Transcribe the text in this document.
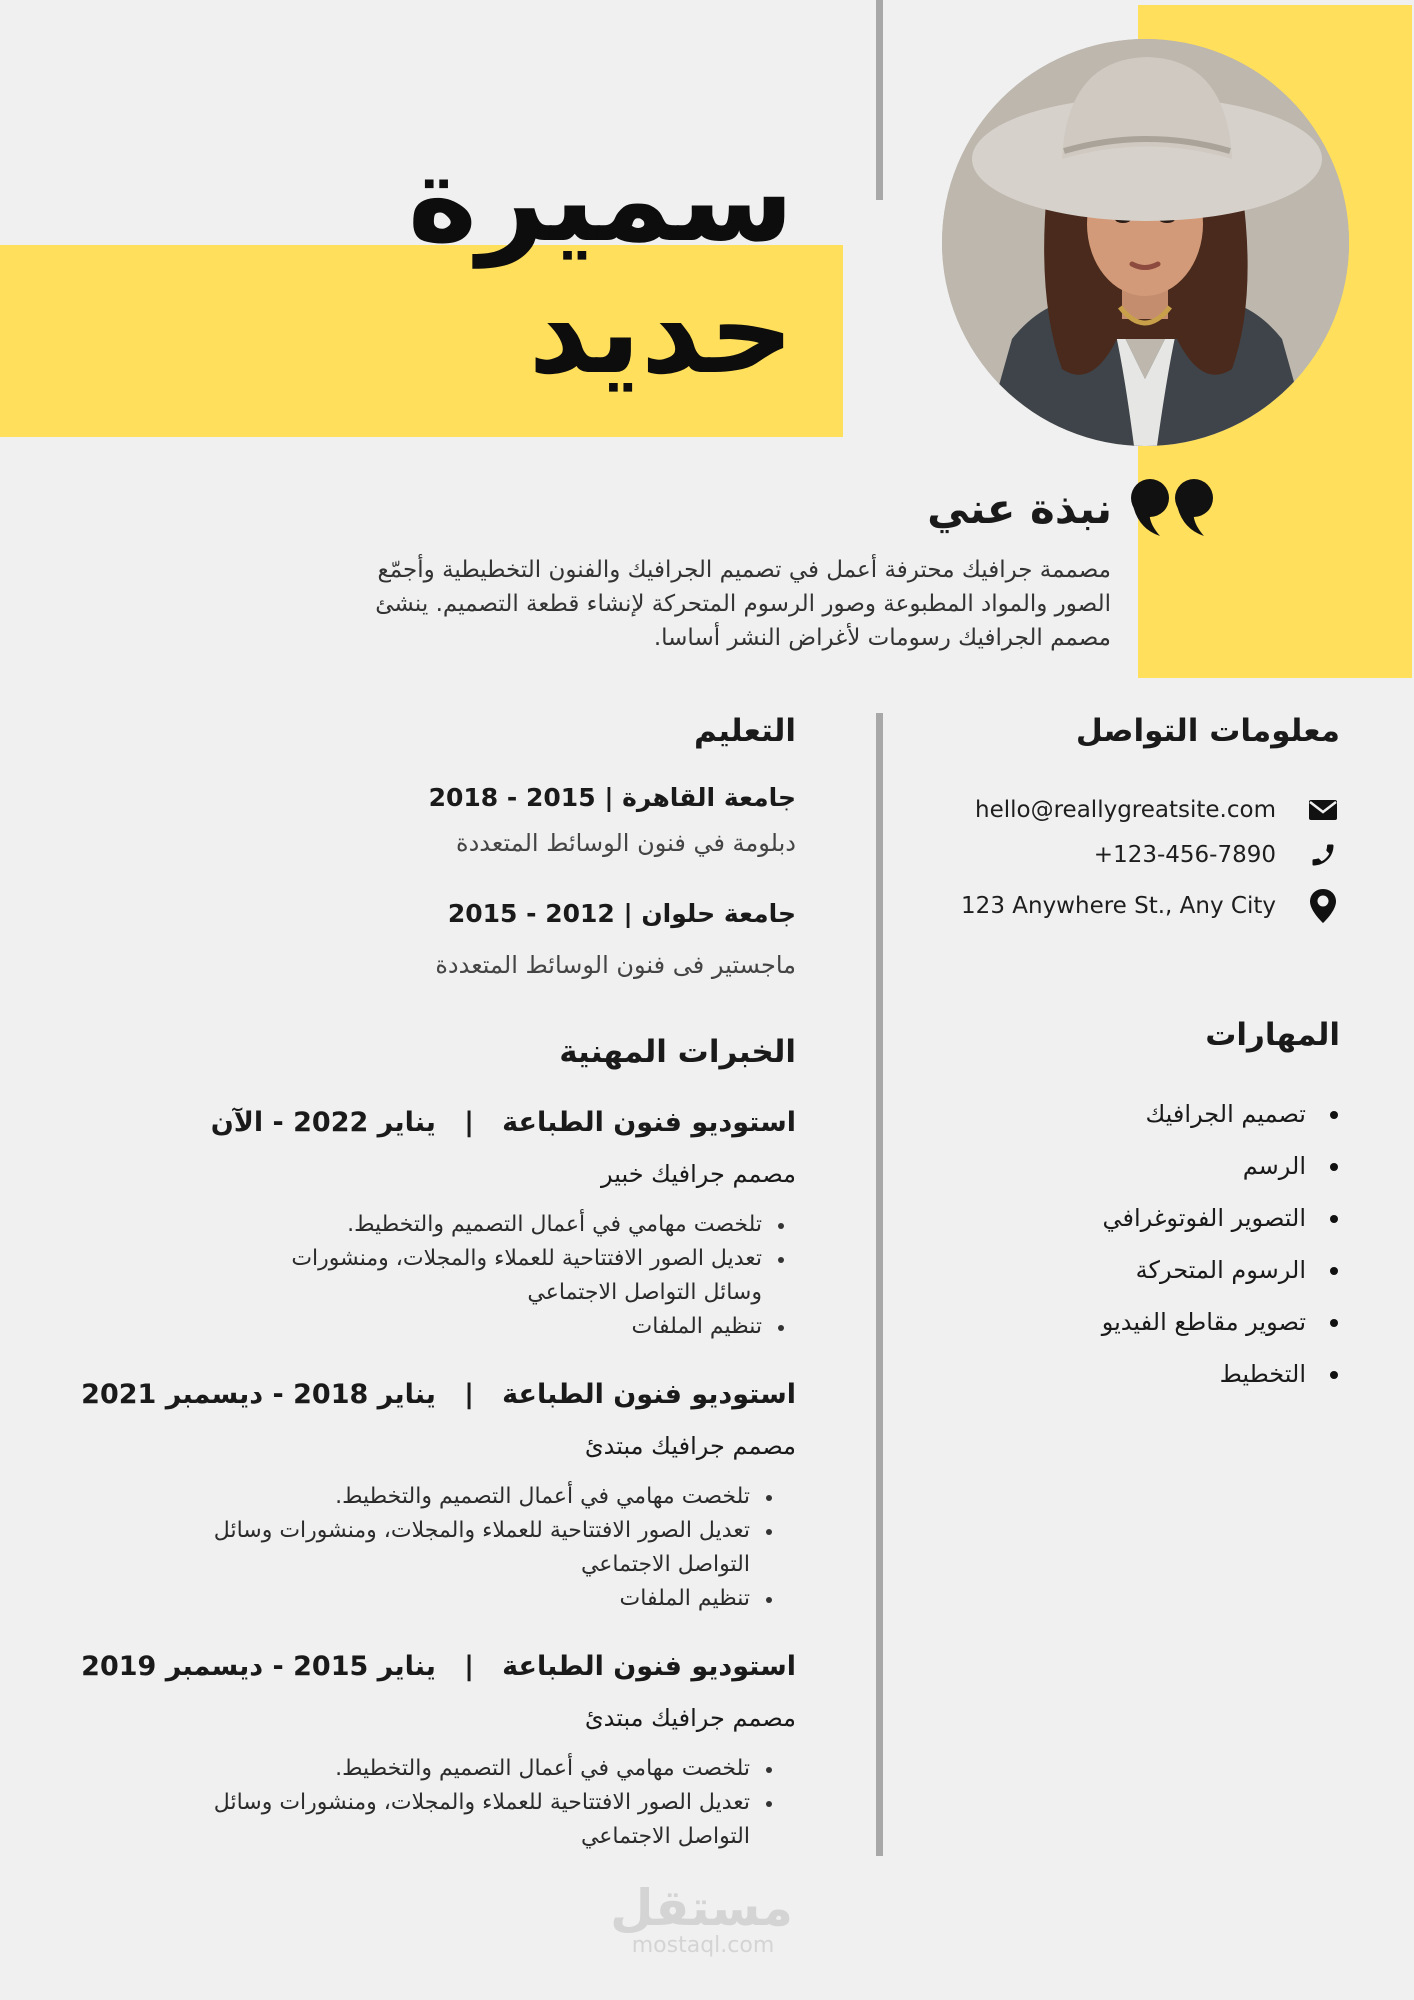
سميرة
حديد
نبذة عني
مصممة جرافيك محترفة أعمل في تصميم الجرافيك والفنون التخطيطية وأجمّع الصور والمواد المطبوعة وصور الرسوم المتحركة لإنشاء قطعة التصميم. ينشئ مصمم الجرافيك رسومات لأغراض النشر أساسا.
معلومات التواصل
hello@reallygreatsite.com
+123-456-7890
123 Anywhere St., Any City
المهارات
تصميم الجرافيك
الرسم
التصوير الفوتوغرافي
الرسوم المتحركة
تصوير مقاطع الفيديو
التخطيط
التعليم
جامعة القاهرة | 2015 - 2018
دبلومة في فنون الوسائط المتعددة
جامعة حلوان | 2012 - 2015
ماجستير فى فنون الوسائط المتعددة
الخبرات المهنية
استوديو فنون الطباعة   |   يناير 2022 - الآن
مصمم جرافيك خبير
تلخصت مهامي في أعمال التصميم والتخطيط.
تعديل الصور الافتتاحية للعملاء والمجلات، ومنشورات وسائل التواصل الاجتماعي
تنظيم الملفات
استوديو فنون الطباعة   |   يناير 2018 - ديسمبر 2021
مصمم جرافيك مبتدئ
تلخصت مهامي في أعمال التصميم والتخطيط.
تعديل الصور الافتتاحية للعملاء والمجلات، ومنشورات وسائل التواصل الاجتماعي
تنظيم الملفات
استوديو فنون الطباعة   |   يناير 2015 - ديسمبر 2019
مصمم جرافيك مبتدئ
تلخصت مهامي في أعمال التصميم والتخطيط.
تعديل الصور الافتتاحية للعملاء والمجلات، ومنشورات وسائل التواصل الاجتماعي
مستقل
mostaql.com
